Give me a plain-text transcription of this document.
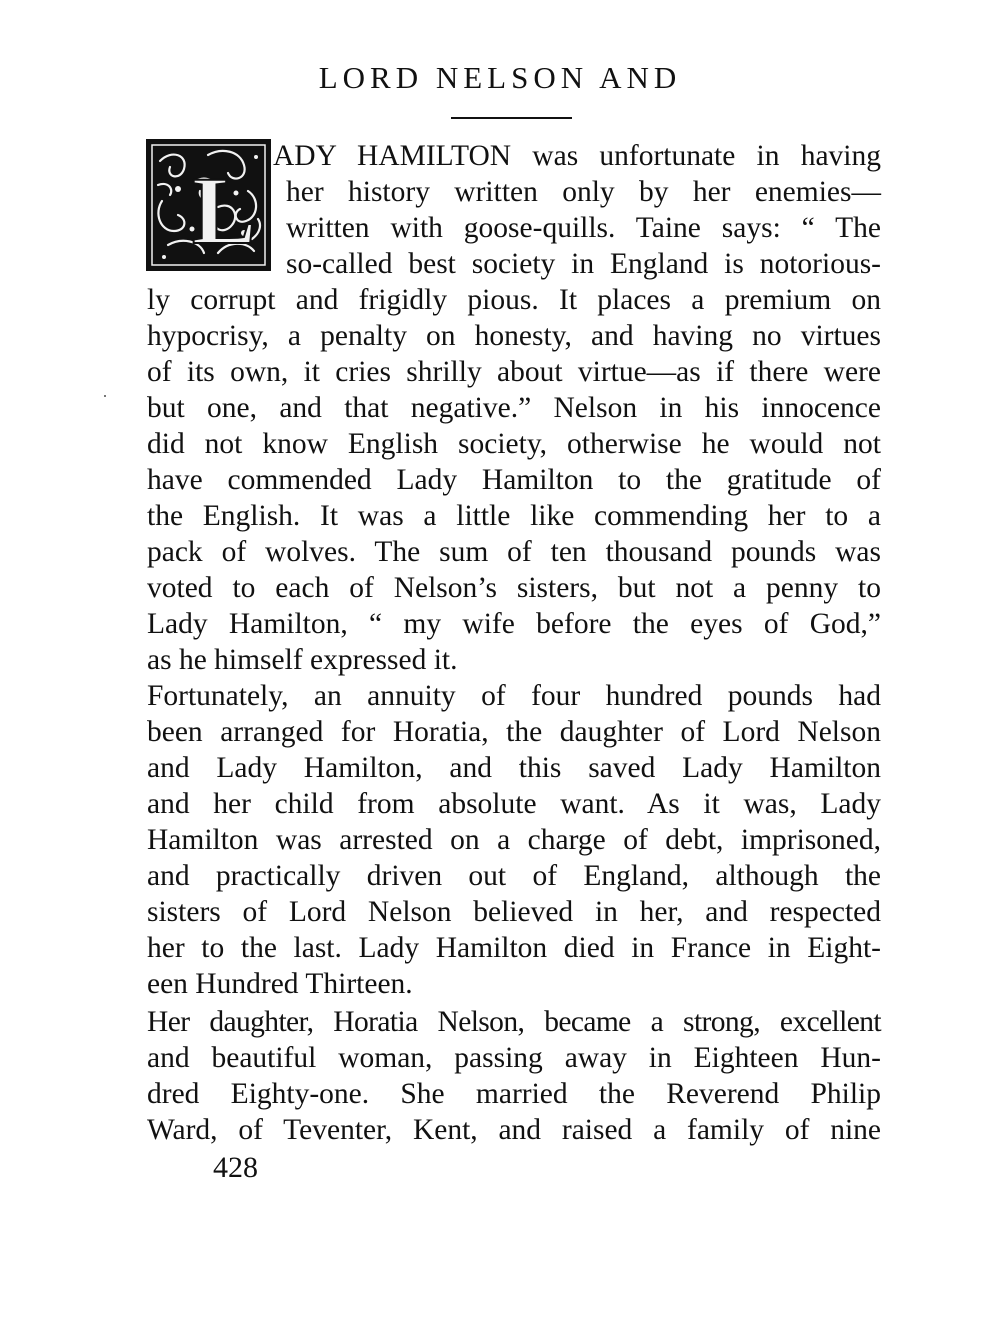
LORD NELSON AND
L
ADY HAMILTON was unfortunate in having
her history written only by her enemies—
written with goose-quills. Taine says: “ The
so-called best society in England is notorious-
ly corrupt and frigidly pious. It places a premium on
hypocrisy, a penalty on honesty, and having no virtues
of its own, it cries shrilly about virtue—as if there were
but one, and that negative.” Nelson in his innocence
did not know English society, otherwise he would not
have commended Lady Hamilton to the gratitude of
the English. It was a little like commending her to a
pack of wolves. The sum of ten thousand pounds was
voted to each of Nelson’s sisters, but not a penny to
Lady Hamilton, “ my wife before the eyes of God,”
as he himself expressed it.
Fortunately, an annuity of four hundred pounds had
been arranged for Horatia, the daughter of Lord Nelson
and Lady Hamilton, and this saved Lady Hamilton
and her child from absolute want. As it was, Lady
Hamilton was arrested on a charge of debt, imprisoned,
and practically driven out of England, although the
sisters of Lord Nelson believed in her, and respected
her to the last. Lady Hamilton died in France in Eight-
een Hundred Thirteen.
Her daughter, Horatia Nelson, became a strong, excellent
and beautiful woman, passing away in Eighteen Hun-
dred Eighty-one. She married the Reverend Philip
Ward, of Teventer, Kent, and raised a family of nine
428
